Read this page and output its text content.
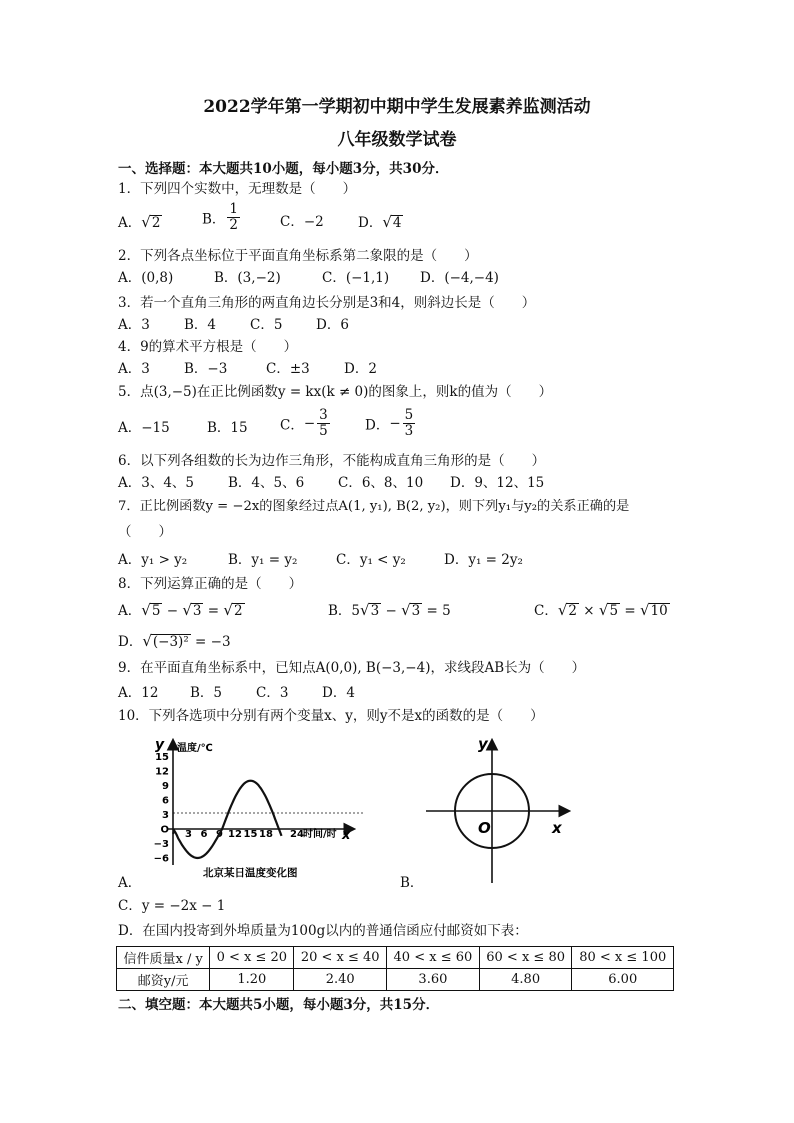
2022学年第一学期初中期中学生发展素养监测活动
八年级数学试卷
一、选择题：本大题共10小题，每小题3分，共30分．
1．下列四个实数中，无理数是（　　）
A．√2	B． $\frac{1}{2}$	C．−2	D．√4
2．下列各点坐标位于平面直角坐标系第二象限的是（　　）
A．(0,8)	B．(3,−2)	C．(−1,1) D．(−4,−4)
3．若一个直角三角形的两直角边长分别是3和4，则斜边长是（　　）
A．3	B．4	C．5 D．6
4．9的算术平方根是（　　）
A．3	B．−3	C．±3	D．2
5．点(3,−5)在正比例函数y = kx(k ≠ 0)的图象上，则k的值为（　　）
A．−15	B．15 C．− $\frac{3}{5}$	D．− $\frac{5}{3}$
6．以下列各组数的长为边作三角形，不能构成直角三角形的是（　　）
A．3、4、5	B．4、5、6	C．6、8、10 D．9、12、15
7．正比例函数y = −2x的图象经过点A(1, y₁), B(2, y₂)，则下列y₁与y₂的关系正确的是
（　　）
A．y₁ > y₂	B．y₁ = y₂	C．y₁ < y₂	D．y₁ = 2y₂
8．下列运算正确的是（　　）
A．√5 − √3 = √2	B．5√3 − √3 = 5	C．√2 × √5 = √10
D．√(−3)² = −3
9．在平面直角坐标系中，已知点A(0,0), B(−3,−4)，求线段AB长为（　　）
A．12 B．5	C．3 D．4
10．下列各选项中分别有两个变量x、y，则y不是x的函数的是（　　）
y 温度/℃
15
12
9
6
3
O
−3
−6
3 6 9 12 15 18 24 时间/时 x
北京某日温度变化图
A．
y
x
O
B．
C．y = −2x − 1
D．在国内投寄到外埠质量为100g以内的普通信函应付邮资如下表：
信件质量x / y	0 < x ≤ 20	20 < x ≤ 40	40 < x ≤ 60	60 < x ≤ 80	80 < x ≤ 100
邮资y/元	1.20	2.40	3.60	4.80	6.00
二、填空题：本大题共5小题，每小题3分，共15分．
